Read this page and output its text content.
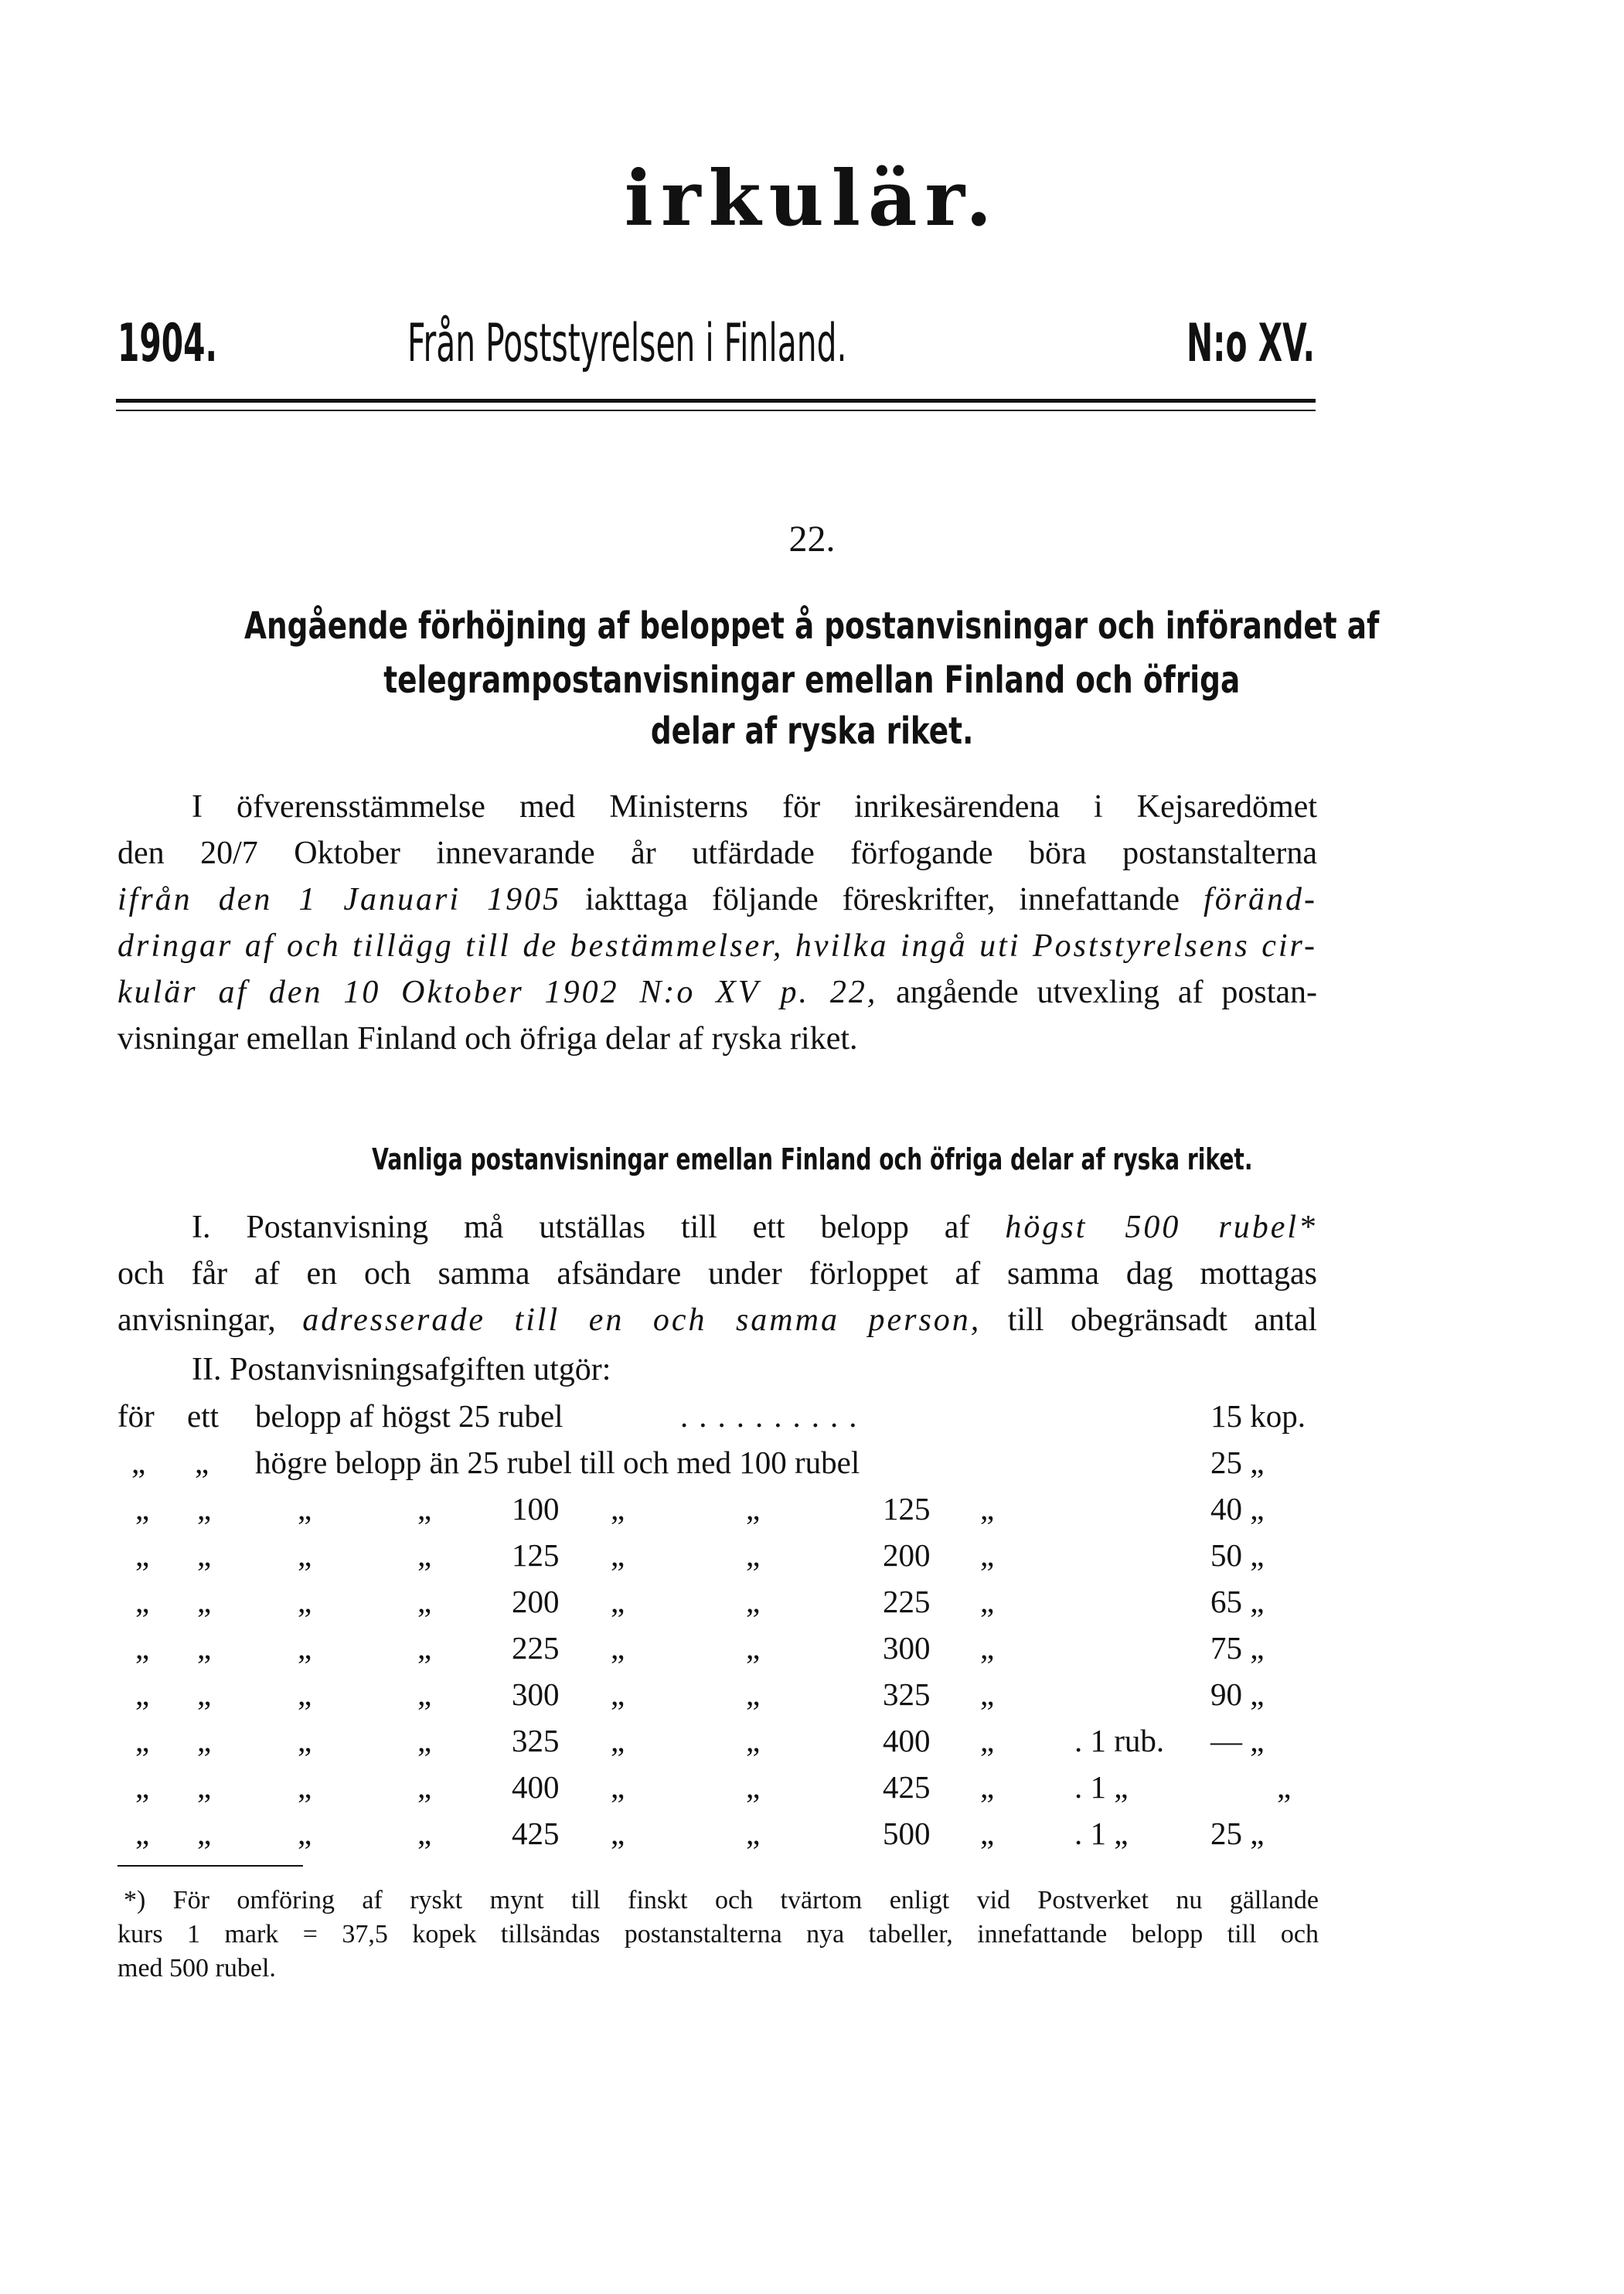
irkulär.
1904.	Från Poststyrelsen i Finland.	N:o XV.
22.
Angående förhöjning af beloppet å postanvisningar och införandet af
telegrampostanvisningar emellan Finland och öfriga
delar af ryska riket.
I öfverensstämmelse med Ministerns för inrikesärendena i Kejsaredömet
den 20/7 Oktober innevarande år utfärdade förfogande böra postanstalterna
ifrån den 1 Januari 1905 iakttaga följande föreskrifter, innefattande föränd-
dringar af och tillägg till de bestämmelser, hvilka ingå uti Poststyrelsens cir-
kulär af den 10 Oktober 1902 N:o XV p. 22, angående utvexling af postan-
visningar emellan Finland och öfriga delar af ryska riket.
Vanliga postanvisningar emellan Finland och öfriga delar af ryska riket.
I. Postanvisning må utställas till ett belopp af högst 500 rubel*
och får af en och samma afsändare under förloppet af samma dag mottagas
anvisningar, adresserade till en och samma person, till obegränsadt antal
II. Postanvisningsafgiften utgör:
för ett belopp af högst 25 rubel	..........	15 kop.
„ „ högre belopp än 25 rubel till och med 100 rubel	25 „
„ „	„	„	100 „	„	125 „	40 „
„ „	„	„	125 „	„	200 „	50 „
„ „	„	„	200 „	„	225 „	65 „
„ „	„	„	225 „	„	300 „	75 „
„ „	„	„	300 „	„	325 „	90 „
„ „	„	„	325 „	„	400 „	. 1 rub. — „
„ „	„	„	400 „	„	425 „	. 1 „	„
„ „	„	„	425 „	„	500 „	. 1 „	25 „
*) För omföring af ryskt mynt till finskt och tvärtom enligt vid Postverket nu gällande
kurs 1 mark = 37,5 kopek tillsändas postanstalterna nya tabeller, innefattande belopp till och
med 500 rubel.
